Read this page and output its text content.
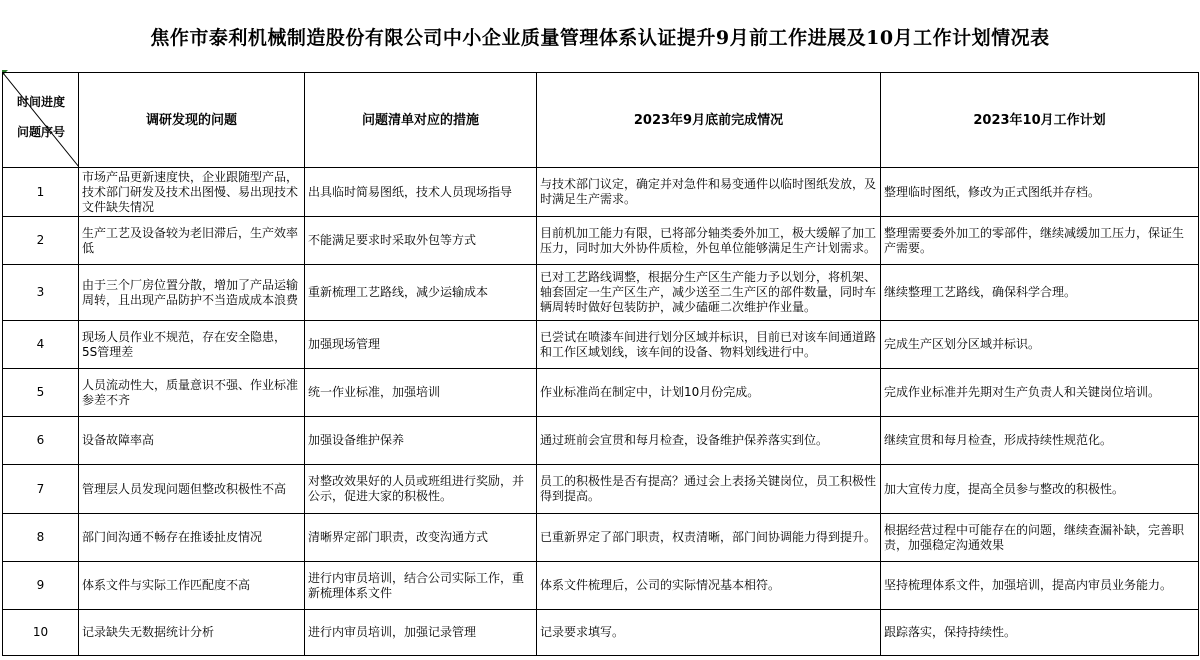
焦作市泰利机械制造股份有限公司中小企业质量管理体系认证提升9月前工作进展及10月工作计划情况表
时间进度
问题序号	调研发现的问题	问题清单对应的措施	2023年9月底前完成情况	2023年10月工作计划
1	市场产品更新速度快，企业跟随型产品，技术部门研发及技术出图慢、易出现技术文件缺失情况	出具临时简易图纸，技术人员现场指导	与技术部门议定，确定并对急件和易变通件以临时图纸发放，及时满足生产需求。	整理临时图纸，修改为正式图纸并存档。
2	生产工艺及设备较为老旧滞后，生产效率低	不能满足要求时采取外包等方式	目前机加工能力有限，已将部分轴类委外加工，极大缓解了加工压力，同时加大外协件质检，外包单位能够满足生产计划需求。	整理需要委外加工的零部件，继续减缓加工压力，保证生产需要。
3	由于三个厂房位置分散，增加了产品运输周转，且出现产品防护不当造成成本浪费	重新梳理工艺路线，减少运输成本	已对工艺路线调整，根据分生产区生产能力予以划分，将机架、轴套固定一生产区生产，减少送至二生产区的部件数量，同时车辆周转时做好包装防护，减少磕砸二次维护作业量。	继续整理工艺路线，确保科学合理。
4	现场人员作业不规范，存在安全隐患，5S管理差	加强现场管理	已尝试在喷漆车间进行划分区域并标识，目前已对该车间通道路和工作区域划线，该车间的设备、物料划线进行中。	完成生产区划分区域并标识。
5	人员流动性大，质量意识不强、作业标准参差不齐	统一作业标准，加强培训	作业标准尚在制定中，计划10月份完成。	完成作业标准并先期对生产负责人和关键岗位培训。
6	设备故障率高	加强设备维护保养	通过班前会宣贯和每月检查，设备维护保养落实到位。	继续宣贯和每月检查，形成持续性规范化。
7	管理层人员发现问题但整改积极性不高	对整改效果好的人员或班组进行奖励，并公示，促进大家的积极性。	员工的积极性是否有提高？通过会上表扬关键岗位，员工积极性得到提高。	加大宣传力度，提高全员参与整改的积极性。
8	部门间沟通不畅存在推诿扯皮情况	清晰界定部门职责，改变沟通方式	已重新界定了部门职责，权责清晰，部门间协调能力得到提升。	根据经营过程中可能存在的问题，继续查漏补缺，完善职责，加强稳定沟通效果
9	体系文件与实际工作匹配度不高	进行内审员培训，结合公司实际工作，重新梳理体系文件	体系文件梳理后，公司的实际情况基本相符。	坚持梳理体系文件，加强培训，提高内审员业务能力。
10	记录缺失无数据统计分析	进行内审员培训，加强记录管理	记录要求填写。	跟踪落实，保持持续性。
